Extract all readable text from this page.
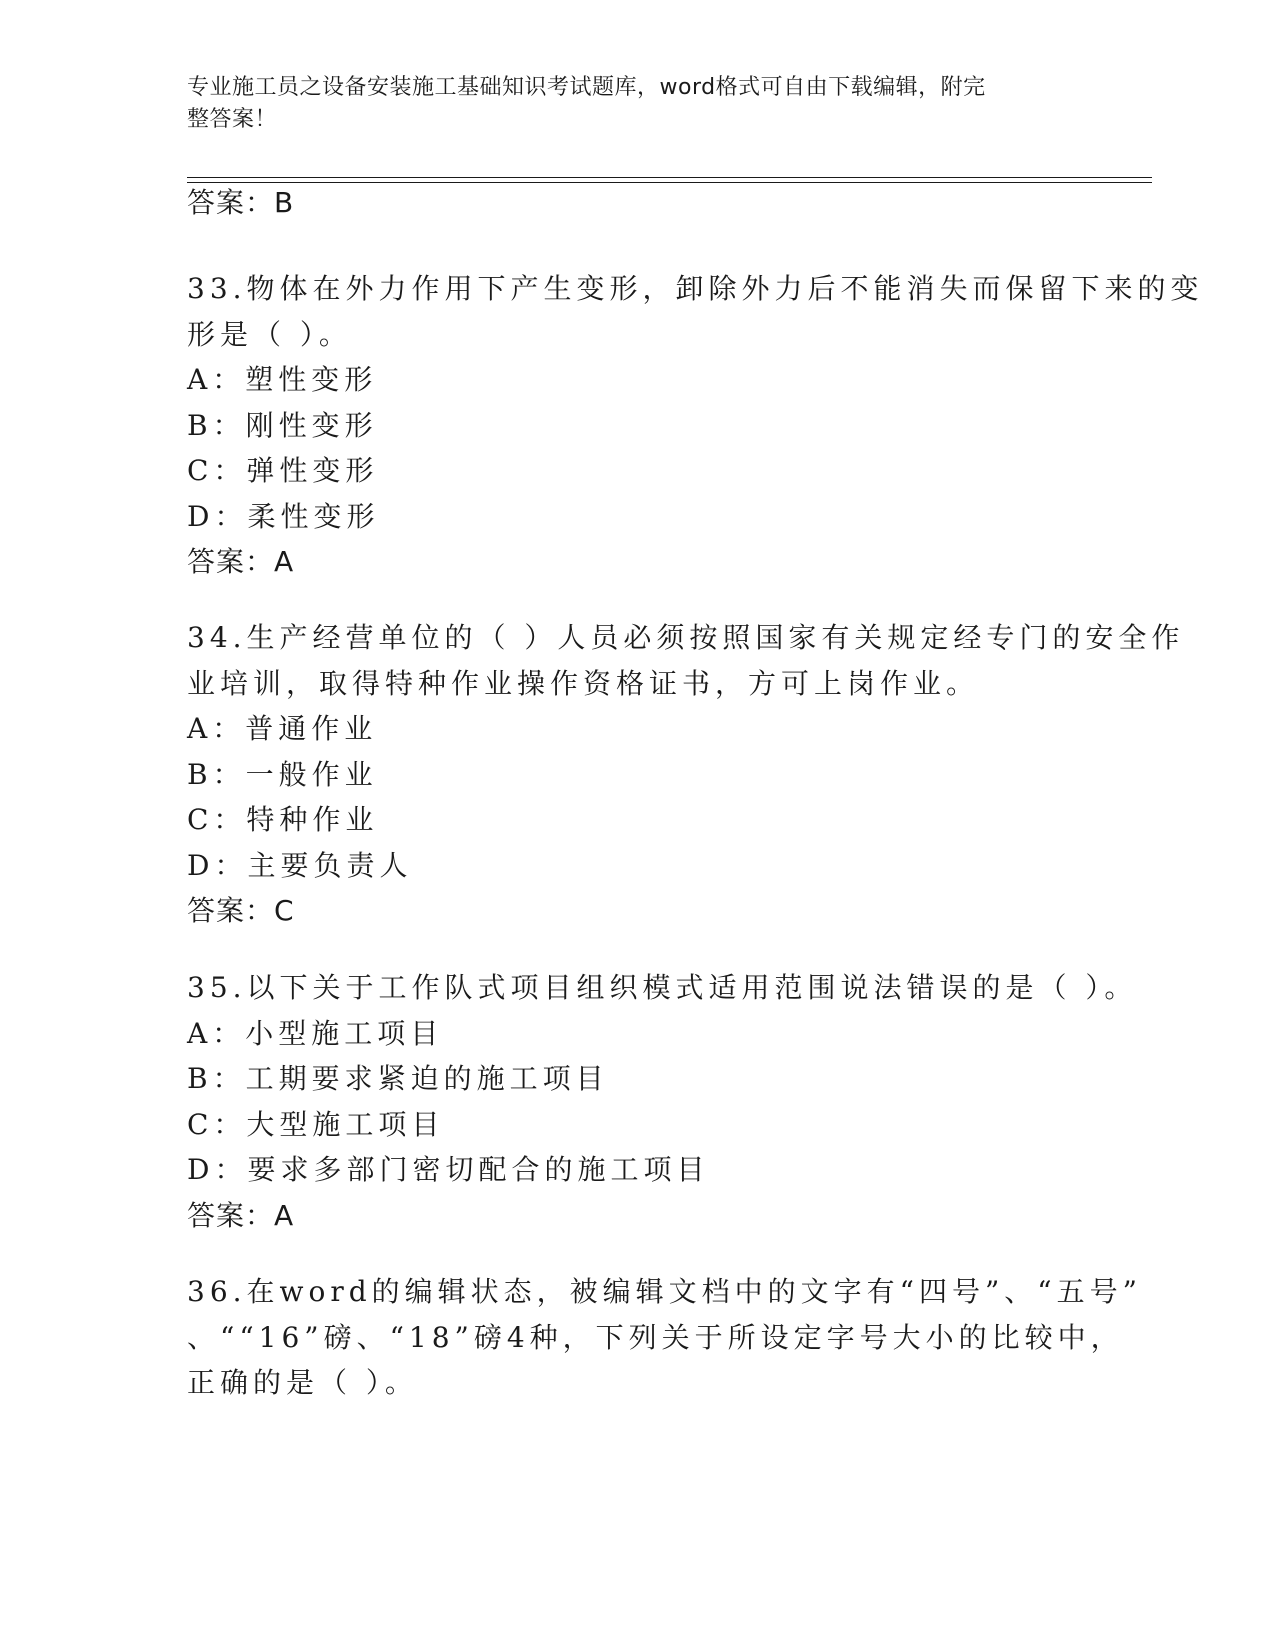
专业施工员之设备安装施工基础知识考试题库，word格式可自由下载编辑，附完
整答案！
答案：B
33.物体在外力作用下产生变形，卸除外力后不能消失而保留下来的变
形是（ ）。
A：塑性变形
B：刚性变形
C：弹性变形
D：柔性变形
答案：A
34.生产经营单位的（ ）人员必须按照国家有关规定经专门的安全作
业培训，取得特种作业操作资格证书，方可上岗作业。
A：普通作业
B：一般作业
C：特种作业
D：主要负责人
答案：C
35.以下关于工作队式项目组织模式适用范围说法错误的是（ ）。
A：小型施工项目
B：工期要求紧迫的施工项目
C：大型施工项目
D：要求多部门密切配合的施工项目
答案：A
36.在word的编辑状态，被编辑文档中的文字有“四号”、“五号”
、““16”磅、“18”磅4种，下列关于所设定字号大小的比较中，
正确的是（ ）。
